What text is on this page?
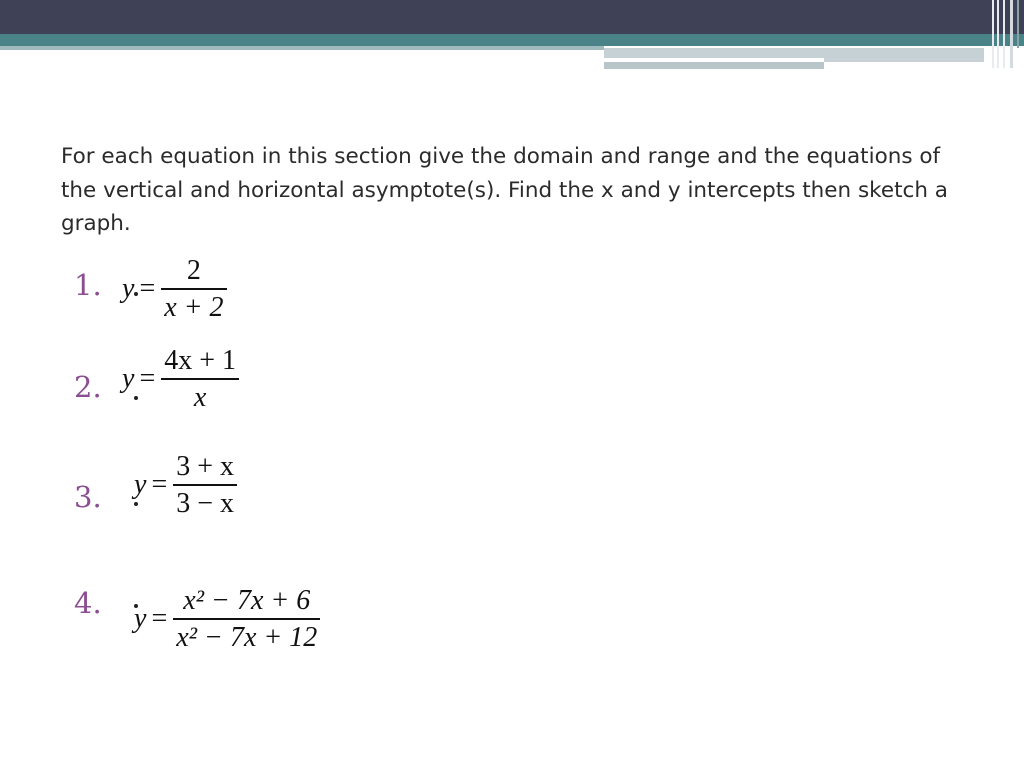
For each equation in this section give the domain and range and the equations of the vertical and horizontal asymptote(s). Find the x and y intercepts then sketch a graph.

1. $y = \frac{2}{x + 2}$
2. $y = \frac{4x + 1}{x}$
3. $y = \frac{3 + x}{3 - x}$
4. $y = \frac{\text{x² − 7x + 6}}{\text{x² − 7x + 12}}$
